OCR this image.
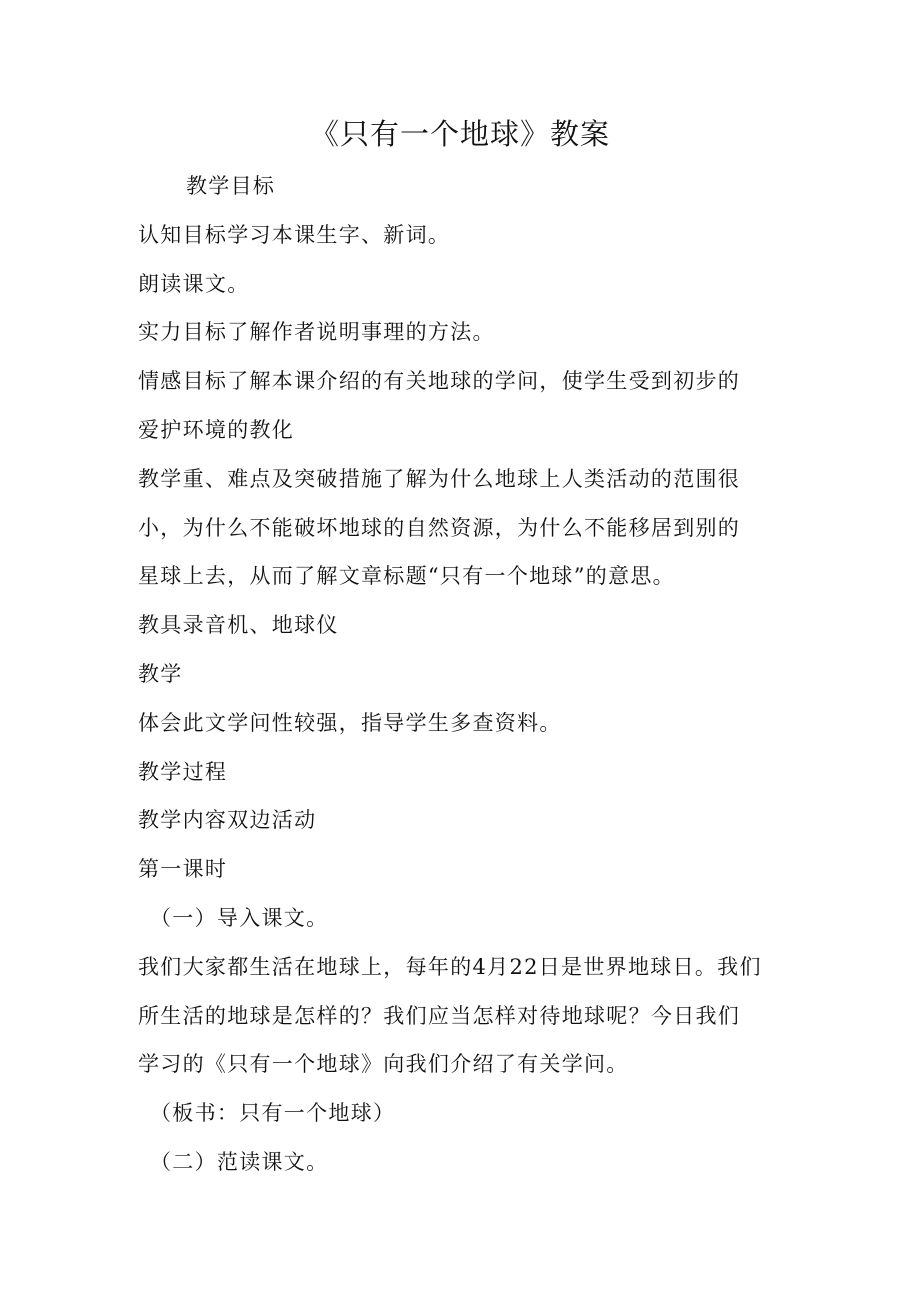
《只有一个地球》教案
教学目标
认知目标学习本课生字、新词。
朗读课文。
实力目标了解作者说明事理的方法。
情感目标了解本课介绍的有关地球的学问，使学生受到初步的
爱护环境的教化
教学重、难点及突破措施了解为什么地球上人类活动的范围很
小，为什么不能破坏地球的自然资源，为什么不能移居到别的
星球上去，从而了解文章标题“只有一个地球”的意思。
教具录音机、地球仪
教学
体会此文学问性较强，指导学生多查资料。
教学过程
教学内容双边活动
第一课时
（一）导入课文。
我们大家都生活在地球上，每年的4月22日是世界地球日。我们
所生活的地球是怎样的？我们应当怎样对待地球呢？今日我们
学习的《只有一个地球》向我们介绍了有关学问。
（板书：只有一个地球）
（二）范读课文。
